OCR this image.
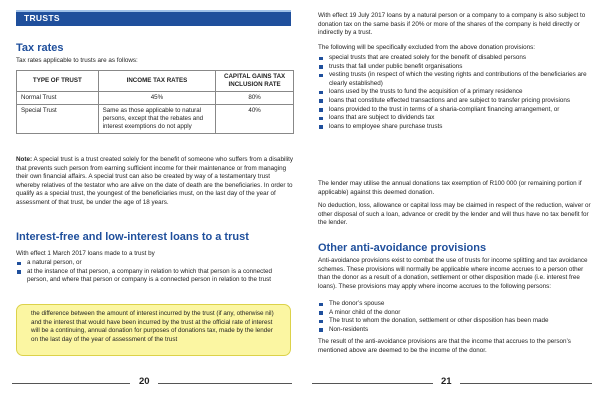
TRUSTS
Tax rates
Tax rates applicable to trusts are as follows:
TYPE OF TRUST	INCOME TAX RATES	CAPITAL GAINS TAX INCLUSION RATE
Normal Trust	45%	80%
Special Trust	Same as those applicable to natural persons, except that the rebates and interest exemptions do not apply	40%
Note: A special trust is a trust created solely for the benefit of someone who suffers from a disability that prevents such person from earning sufficient income for their maintenance or from managing their own financial affairs. A special trust can also be created by way of a testamentary trust whereby relatives of the testator who are alive on the date of death are the beneficiaries. In order to qualify as a special trust, the youngest of the beneficiaries must, on the last day of the year of assessment of that trust, be under the age of 18 years.
Interest-free and low-interest loans to a trust
With effect 1 March 2017 loans made to a trust by
a natural person, or
at the instance of that person, a company in relation to which that person is a connected person, and where that person or company is a connected person in relation to the trust
the difference between the amount of interest incurred by the trust (if any, otherwise nil) and the interest that would have been incurred by the trust at the official rate of interest will be a continuing, annual donation for purposes of donations tax, made by the lender on the last day of the year of assessment of the trust
20
With effect 19 July 2017 loans by a natural person or a company to a company is also subject to donation tax on the same basis if 20% or more of the shares of the company is held directly or indirectly by a trust.
The following will be specifically excluded from the above donation provisions:
special trusts that are created solely for the benefit of disabled persons
trusts that fall under public benefit organisations
vesting trusts (in respect of which the vesting rights and contributions of the beneficiaries are clearly established)
loans used by the trusts to fund the acquisition of a primary residence
loans that constitute effected transactions and are subject to transfer pricing provisions
loans provided to the trust in terms of a sharia-compliant financing arrangement, or
loans that are subject to dividends tax
loans to employee share purchase trusts
The lender may utilise the annual donations tax exemption of R100 000 (or remaining portion if applicable) against this deemed donation.
No deduction, loss, allowance or capital loss may be claimed in respect of the reduction, waiver or other disposal of such a loan, advance or credit by the lender and will thus have no tax benefit for the lender.
Other anti-avoidance provisions
Anti-avoidance provisions exist to combat the use of trusts for income splitting and tax avoidance schemes. These provisions will normally be applicable where income accrues to a person other than the donor as a result of a donation, settlement or other disposition made (i.e. interest free loans). These provisions may apply where income accrues to the following persons:
The donor’s spouse
A minor child of the donor
The trust to whom the donation, settlement or other disposition has been made
Non-residents
The result of the anti-avoidance provisions are that the income that accrues to the person’s mentioned above are deemed to be the income of the donor.
21
